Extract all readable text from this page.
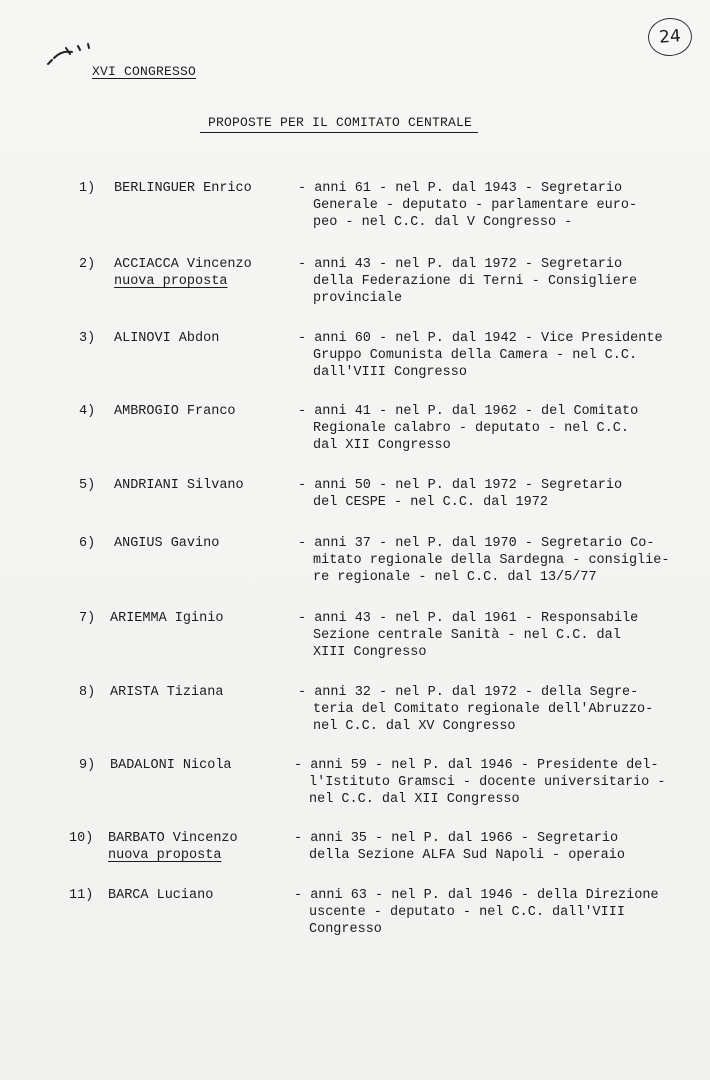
24
XVI CONGRESSO
PROPOSTE PER IL COMITATO CENTRALE
1)	BERLINGUER Enrico	- anni 61 - nel P. dal 1943 - Segretario
Generale - deputato - parlamentare euro-
peo - nel C.C. dal V Congresso -
2)	ACCIACCA Vincenzo
nuova proposta
- anni 43 - nel P. dal 1972 - Segretario
della Federazione di Terni - Consigliere
provinciale
3)	ALINOVI Abdon	- anni 60 - nel P. dal 1942 - Vice Presidente
Gruppo Comunista della Camera - nel C.C.
dall'VIII Congresso
4)	AMBROGIO Franco	- anni 41 - nel P. dal 1962 - del Comitato
Regionale calabro - deputato - nel C.C.
dal XII Congresso
5)	ANDRIANI Silvano	- anni 50 - nel P. dal 1972 - Segretario
del CESPE - nel C.C. dal 1972
6)	ANGIUS Gavino	- anni 37 - nel P. dal 1970 - Segretario Co-
mitato regionale della Sardegna - consiglie-
re regionale - nel C.C. dal 13/5/77
7)	ARIEMMA Iginio	- anni 43 - nel P. dal 1961 - Responsabile
Sezione centrale Sanità - nel C.C. dal
XIII Congresso
8)	ARISTA Tiziana	- anni 32 - nel P. dal 1972 - della Segre-
teria del Comitato regionale dell'Abruzzo-
nel C.C. dal XV Congresso
9)	BADALONI Nicola	- anni 59 - nel P. dal 1946 - Presidente del-
l'Istituto Gramsci - docente universitario -
nel C.C. dal XII Congresso
10)	BARBATO Vincenzo
nuova proposta
- anni 35 - nel P. dal 1966 - Segretario
della Sezione ALFA Sud Napoli - operaio
11)	BARCA Luciano	- anni 63 - nel P. dal 1946 - della Direzione
uscente - deputato - nel C.C. dall'VIII
Congresso
